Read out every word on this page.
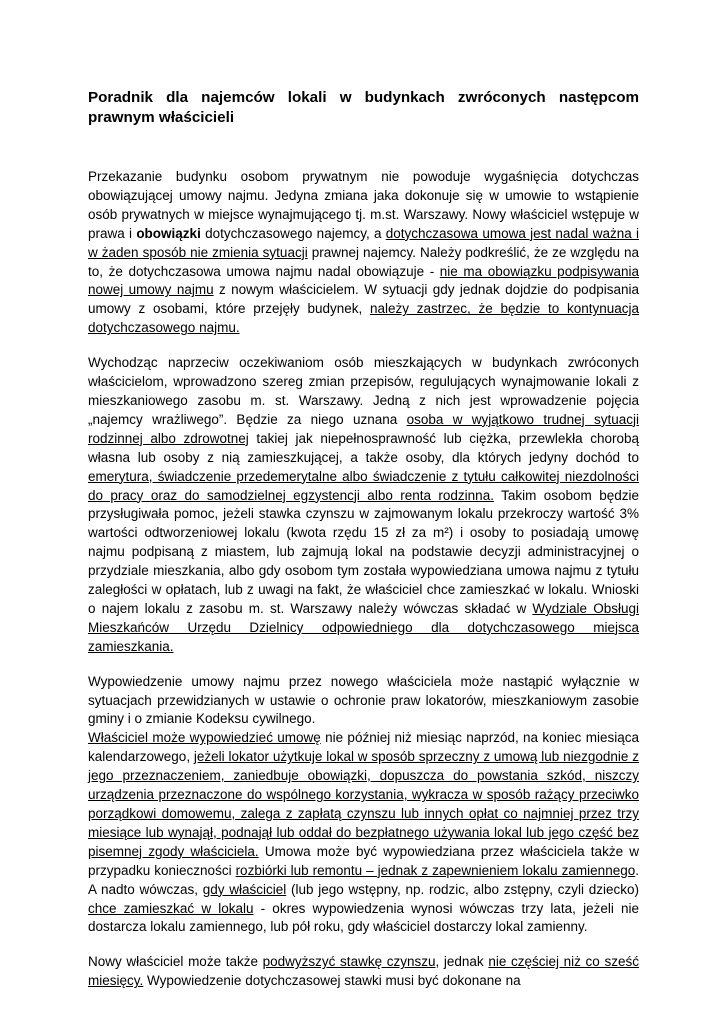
Poradnik dla najemców lokali w budynkach zwróconych następcom prawnym właścicieli

Przekazanie budynku osobom prywatnym nie powoduje wygaśnięcia dotychczas obowiązującej umowy najmu. Jedyna zmiana jaka dokonuje się w umowie to wstąpienie osób prywatnych w miejsce wynajmującego tj. m.st. Warszawy. Nowy właściciel wstępuje w prawa i obowiązki dotychczasowego najemcy, a dotychczasowa umowa jest nadal ważna i w żaden sposób nie zmienia sytuacji prawnej najemcy. Należy podkreślić, że ze względu na to, że dotychczasowa umowa najmu nadal obowiązuje - nie ma obowiązku podpisywania nowej umowy najmu z nowym właścicielem. W sytuacji gdy jednak dojdzie do podpisania umowy z osobami, które przejęły budynek, należy zastrzec, że będzie to kontynuacja dotychczasowego najmu.

Wychodząc naprzeciw oczekiwaniom osób mieszkających w budynkach zwróconych właścicielom, wprowadzono szereg zmian przepisów, regulujących wynajmowanie lokali z mieszkaniowego zasobu m. st. Warszawy. Jedną z nich jest wprowadzenie pojęcia „najemcy wrażliwego”. Będzie za niego uznana osoba w wyjątkowo trudnej sytuacji rodzinnej albo zdrowotnej takiej jak niepełnosprawność lub ciężka, przewlekła chorobą własna lub osoby z nią zamieszkującej, a także osoby, dla których jedyny dochód to emerytura, świadczenie przedemerytalne albo świadczenie z tytułu całkowitej niezdolności do pracy oraz do samodzielnej egzystencji albo renta rodzinna. Takim osobom będzie przysługiwała pomoc, jeżeli stawka czynszu w zajmowanym lokalu przekroczy wartość 3% wartości odtworzeniowej lokalu (kwota rzędu 15 zł za m²) i osoby to posiadają umowę najmu podpisaną z miastem, lub zajmują lokal na podstawie decyzji administracyjnej o przydziale mieszkania, albo gdy osobom tym została wypowiedziana umowa najmu z tytułu zaległości w opłatach, lub z uwagi na fakt, że właściciel chce zamieszkać w lokalu. Wnioski o najem lokalu z zasobu m. st. Warszawy należy wówczas składać w Wydziale Obsługi Mieszkańców Urzędu Dzielnicy odpowiedniego dla dotychczasowego miejsca zamieszkania.

Wypowiedzenie umowy najmu przez nowego właściciela może nastąpić wyłącznie w sytuacjach przewidzianych w ustawie o ochronie praw lokatorów, mieszkaniowym zasobie gminy i o zmianie Kodeksu cywilnego.

Właściciel może wypowiedzieć umowę nie później niż miesiąc naprzód, na koniec miesiąca kalendarzowego, jeżeli lokator użytkuje lokal w sposób sprzeczny z umową lub niezgodnie z jego przeznaczeniem, zaniedbuje obowiązki, dopuszcza do powstania szkód, niszczy urządzenia przeznaczone do wspólnego korzystania, wykracza w sposób rażący przeciwko porządkowi domowemu, zalega z zapłatą czynszu lub innych opłat co najmniej przez trzy miesiące lub wynajął, podnajął lub oddał do bezpłatnego używania lokal lub jego część bez pisemnej zgody właściciela. Umowa może być wypowiedziana przez właściciela także w przypadku konieczności rozbiórki lub remontu – jednak z zapewnieniem lokalu zamiennego. A nadto wówczas, gdy właściciel (lub jego wstępny, np. rodzic, albo zstępny, czyli dziecko) chce zamieszkać w lokalu - okres wypowiedzenia wynosi wówczas trzy lata, jeżeli nie dostarcza lokalu zamiennego, lub pół roku, gdy właściciel dostarczy lokal zamienny.

Nowy właściciel może także podwyższyć stawkę czynszu, jednak nie częściej niż co sześć miesięcy. Wypowiedzenie dotychczasowej stawki musi być dokonane na
